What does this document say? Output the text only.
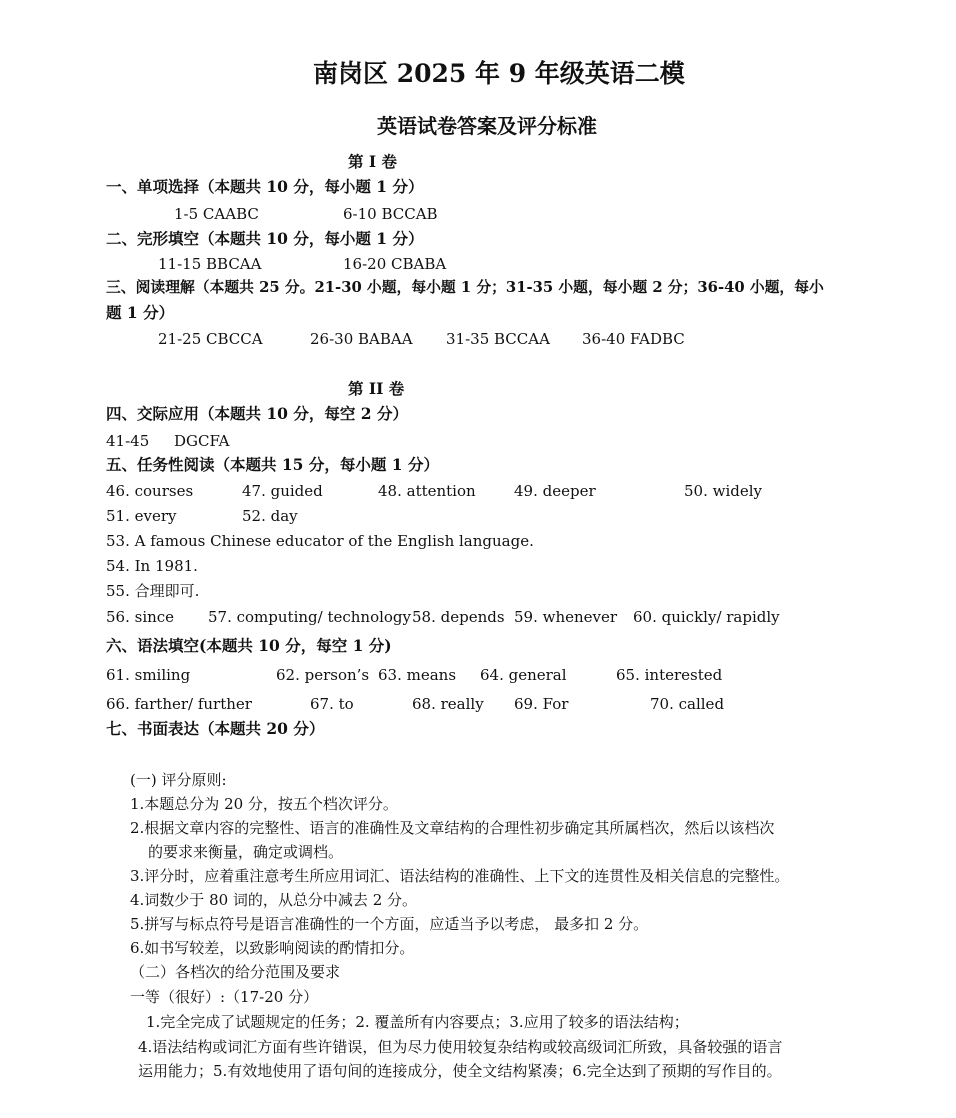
南岗区 2025 年 9 年级英语二模
英语试卷答案及评分标准
第 I 卷
一、单项选择（本题共 10 分，每小题 1 分）
1-5 CAABC	6-10 BCCAB
二、完形填空（本题共 10 分，每小题 1 分）
11-15 BBCAA	16-20 CBABA
三、阅读理解（本题共 25 分。21-30 小题，每小题 1 分；31-35 小题，每小题 2 分；36-40 小题，每小
题 1 分）
21-25 CBCCA	26-30 BABAA 31-35 BCCAA 36-40 FADBC
第 II 卷
四、交际应用（本题共 10 分，每空 2 分）
41-45 DGCFA
五、任务性阅读（本题共 15 分，每小题 1 分）
46. courses	47. guided	48. attention	49. deeper	50. widely
51. every	52. day
53. A famous Chinese educator of the English language.
54. In 1981.
55. 合理即可.
56. since 57. computing/ technology 58. depends 59. whenever 60. quickly/ rapidly
六、语法填空(本题共 10 分，每空 1 分)
61. smiling	62. person’s 63. means 64. general	65. interested
66. farther/ further	67. to	68. really 69. For	70. called
七、书面表达（本题共 20 分）
(一) 评分原则:
1.本题总分为 20 分，按五个档次评分。
2.根据文章内容的完整性、语言的准确性及文章结构的合理性初步确定其所属档次，然后以该档次
的要求来衡量，确定或调档。
3.评分时，应着重注意考生所应用词汇、语法结构的准确性、上下文的连贯性及相关信息的完整性。
4.词数少于 80 词的，从总分中减去 2 分。
5.拼写与标点符号是语言准确性的一个方面，应适当予以考虑， 最多扣 2 分。
6.如书写较差，以致影响阅读的酌情扣分。
（二）各档次的给分范围及要求
一等（很好）:（17-20 分）
1.完全完成了试题规定的任务；2. 覆盖所有内容要点；3.应用了较多的语法结构；
4.语法结构或词汇方面有些许错误，但为尽力使用较复杂结构或较高级词汇所致，具备较强的语言
运用能力；5.有效地使用了语句间的连接成分，使全文结构紧凑；6.完全达到了预期的写作目的。
